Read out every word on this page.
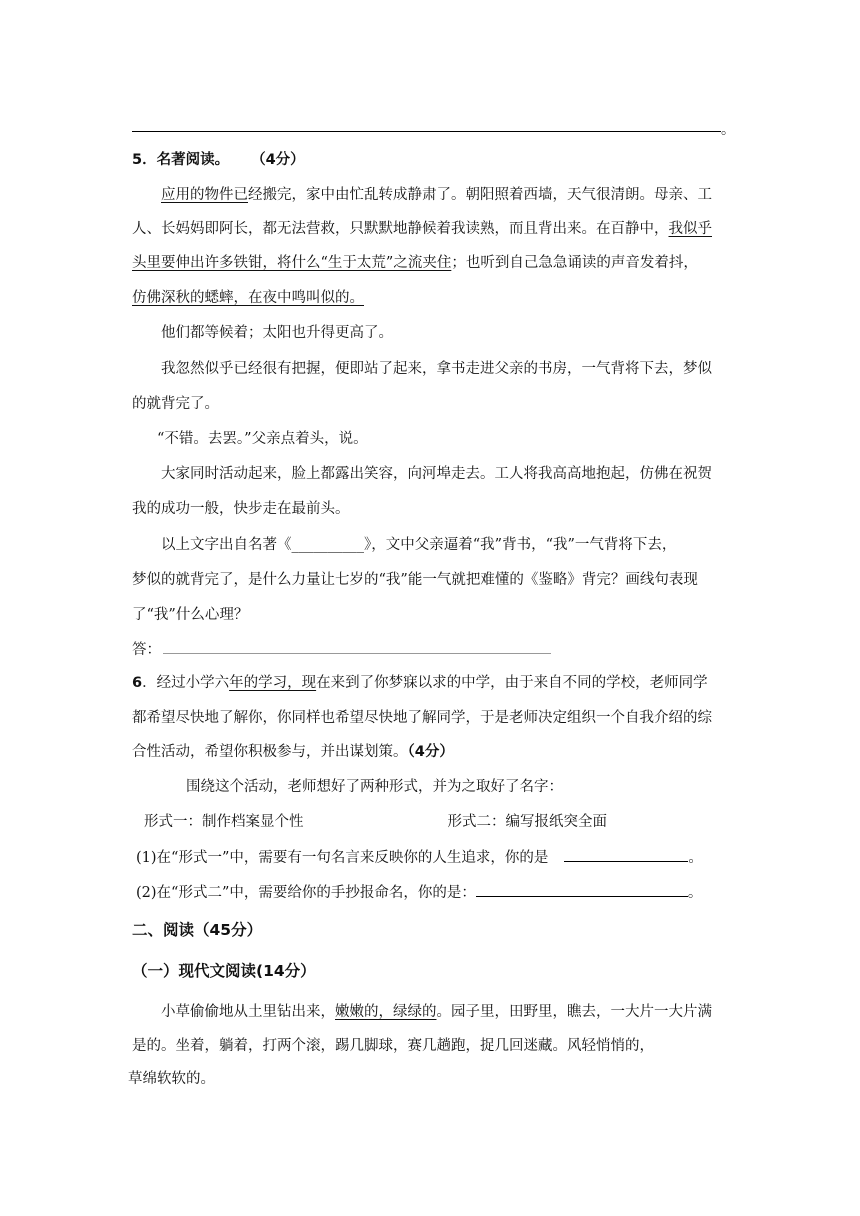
。
5．名著阅读。 （4分）
应用的物件已经搬完，家中由忙乱转成静肃了。朝阳照着西墙，天气很清朗。母亲、工
人、长妈妈即阿长，都无法营救，只默默地静候着我读熟，而且背出来。在百静中，我似乎
头里要伸出许多铁钳，将什么“生于太荒”之流夹住；也听到自己急急诵读的声音发着抖，
仿佛深秋的蟋蟀，在夜中鸣叫似的。
他们都等候着；太阳也升得更高了。
我忽然似乎已经很有把握，便即站了起来，拿书走进父亲的书房，一气背将下去，梦似
的就背完了。
“不错。去罢。”父亲点着头，说。
大家同时活动起来，脸上都露出笑容，向河埠走去。工人将我高高地抱起，仿佛在祝贺
我的成功一般，快步走在最前头。
以上文字出自名著《__________》，文中父亲逼着“我”背书，“我”一气背将下去，
梦似的就背完了，是什么力量让七岁的“我”能一气就把难懂的《鉴略》背完？画线句表现
了“我”什么心理？
答：
6．经过小学六年的学习，现在来到了你梦寐以求的中学，由于来自不同的学校，老师同学
都希望尽快地了解你，你同样也希望尽快地了解同学，于是老师决定组织一个自我介绍的综
合性活动，希望你积极参与，并出谋划策。（4分）
围绕这个活动，老师想好了两种形式，并为之取好了名字：
形式一：制作档案显个性	形式二：编写报纸突全面
(1)在“形式一”中，需要有一句名言来反映你的人生追求，你的是	。
(2)在“形式二”中，需要给你的手抄报命名，你的是：	。
二、阅读（45分）
（一）现代文阅读(14分）
小草偷偷地从土里钻出来，嫩嫩的，绿绿的。园子里，田野里，瞧去，一大片一大片满
是的。坐着，躺着，打两个滚，踢几脚球，赛几趟跑，捉几回迷藏。风轻悄悄的，
草绵软软的。
